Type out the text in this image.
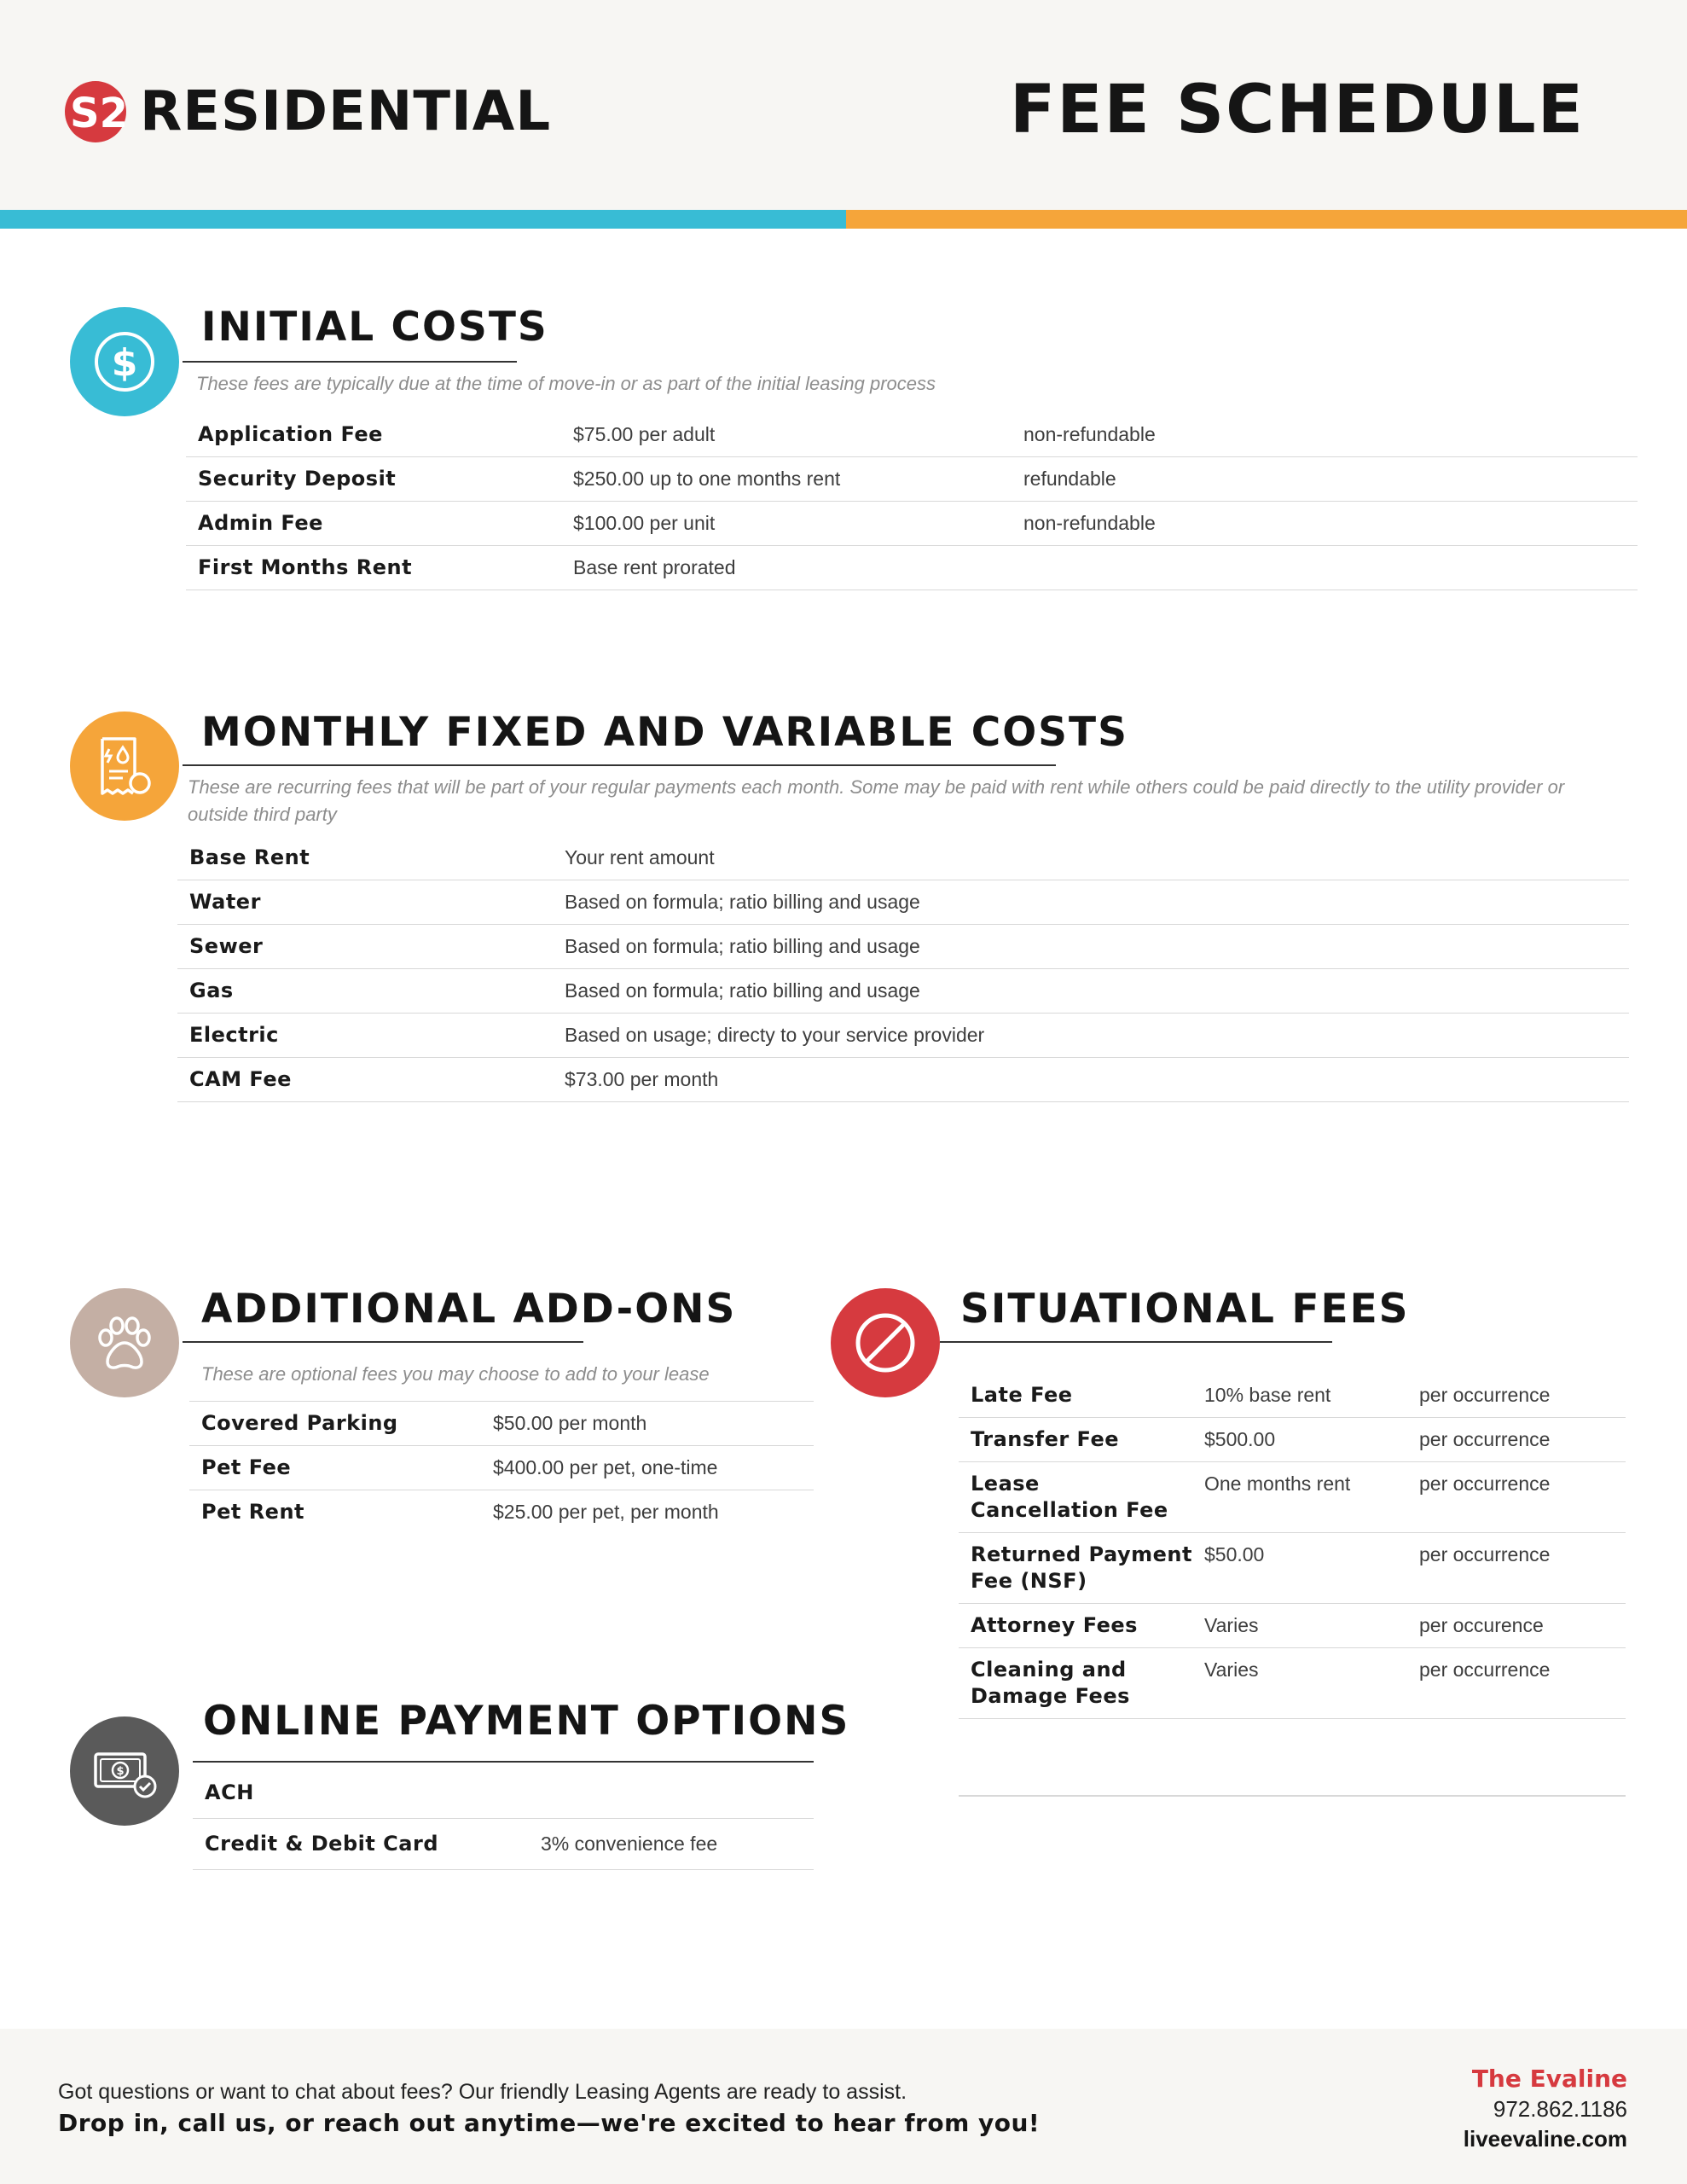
S2 RESIDENTIAL	FEE SCHEDULE
$
INITIAL COSTS
These fees are typically due at the time of move-in or as part of the initial leasing process
Application Fee	$75.00 per adult	non-refundable
Security Deposit	$250.00 up to one months rent	refundable
Admin Fee	$100.00 per unit	non-refundable
First Months Rent	Base rent prorated	
MONTHLY FIXED AND VARIABLE COSTS
These are recurring fees that will be part of your regular payments each month. Some may be paid with rent while others could be paid directly to the utility provider or outside third party
Base Rent	Your rent amount
Water	Based on formula; ratio billing and usage
Sewer	Based on formula; ratio billing and usage
Gas	Based on formula; ratio billing and usage
Electric	Based on usage; directy to your service provider
CAM Fee	$73.00 per month
ADDITIONAL ADD-ONS
These are optional fees you may choose to add to your lease
Covered Parking	$50.00 per month
Pet Fee	$400.00 per pet, one-time
Pet Rent	$25.00 per pet, per month
$
ONLINE PAYMENT OPTIONS
ACH	
Credit & Debit Card	3% convenience fee
SITUATIONAL FEES
Late Fee	10% base rent	per occurrence
Transfer Fee	$500.00	per occurrence
Lease Cancellation Fee	One months rent	per occurrence
Returned Payment Fee (NSF)	$50.00	per occurrence
Attorney Fees	Varies	per occurence
Cleaning and Damage Fees	Varies	per occurrence
Got questions or want to chat about fees? Our friendly Leasing Agents are ready to assist.
Drop in, call us, or reach out anytime—we're excited to hear from you!
The Evaline
972.862.1186
liveevaline.com
